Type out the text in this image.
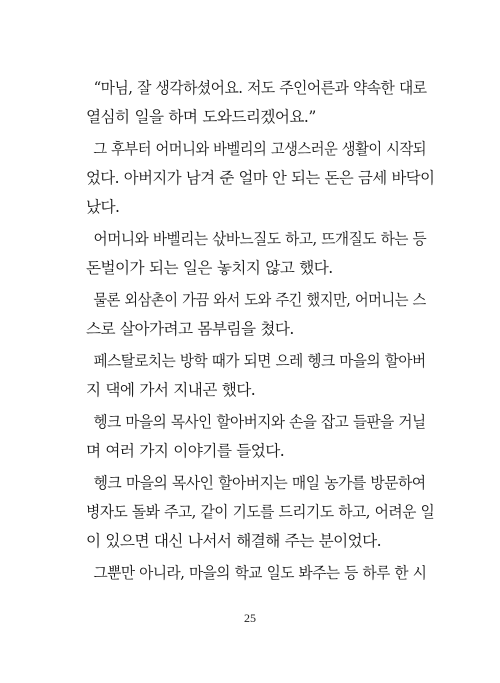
“마님, 잘 생각하셨어요. 저도 주인어른과 약속한 대로
열심히 일을 하며 도와드리겠어요.”

그 후부터 어머니와 바벨리의 고생스러운 생활이 시작되
었다. 아버지가 남겨 준 얼마 안 되는 돈은 금세 바닥이
났다.

어머니와 바벨리는 삯바느질도 하고, 뜨개질도 하는 등
돈벌이가 되는 일은 놓치지 않고 했다.

물론 외삼촌이 가끔 와서 도와 주긴 했지만, 어머니는 스
스로 살아가려고 몸부림을 쳤다.

페스탈로치는 방학 때가 되면 으레 헹크 마을의 할아버
지 댁에 가서 지내곤 했다.

헹크 마을의 목사인 할아버지와 손을 잡고 들판을 거닐
며 여러 가지 이야기를 들었다.

헹크 마을의 목사인 할아버지는 매일 농가를 방문하여
병자도 돌봐 주고, 같이 기도를 드리기도 하고, 어려운 일
이 있으면 대신 나서서 해결해 주는 분이었다.

그뿐만 아니라, 마을의 학교 일도 봐주는 등 하루 한 시

25
